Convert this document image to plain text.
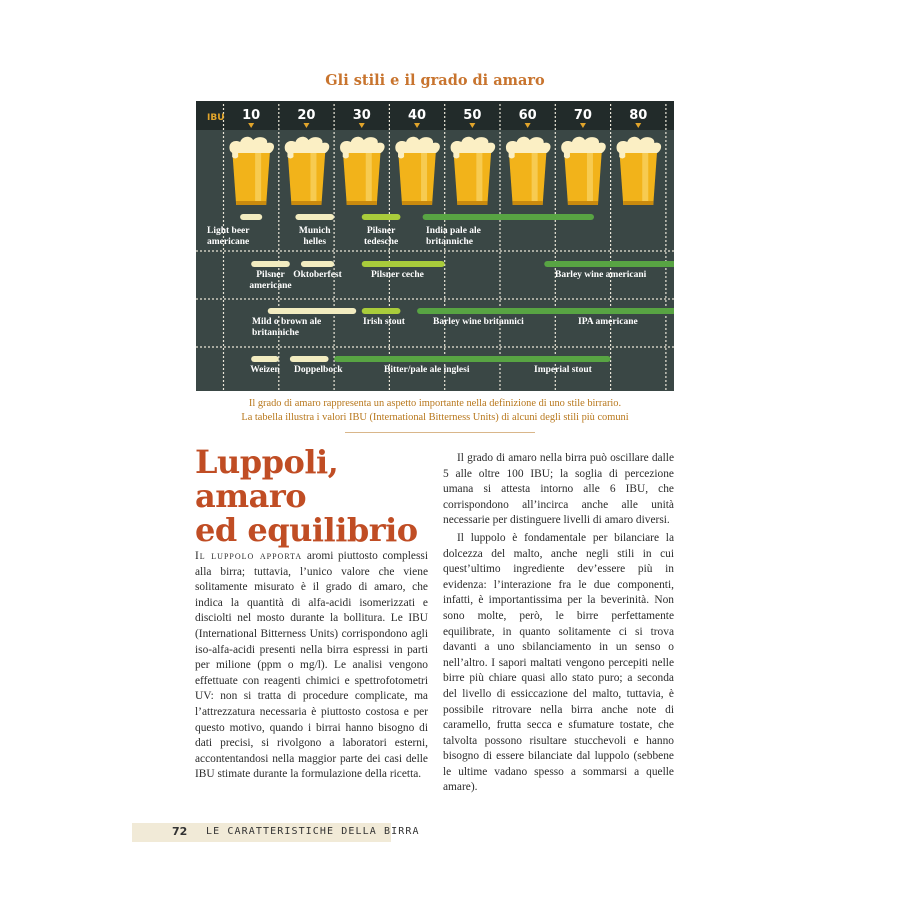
Gli stili e il grado di amaro
IBU 10	20	30	40	50	60	70	80
Light beer americane
Munich helles
Pilsner tedesche
India pale ale britanniche
Pilsner americane
Oktoberfest	Pilsner ceche	Barley wine americani
Mild o brown ale britanniche
Irish stout	Barley wine britannici	IPA americane
Weizen Doppelbock	Bitter/pale ale inglesi	Imperial stout
Il grado di amaro rappresenta un aspetto importante nella definizione di uno stile birrario.
La tabella illustra i valori IBU (International Bitterness Units) di alcuni degli stili più comuni
Luppoli,
amaro
ed equilibrio

Il luppolo apporta aromi piuttosto complessi alla birra; tuttavia, l’unico valore che viene solitamente misurato è il grado di amaro, che indica la quantità di alfa-acidi isomerizzati e disciolti nel mosto durante la bollitura. Le IBU (International Bitterness Units) corrispondono agli iso-alfa-acidi presenti nella birra espressi in parti per milione (ppm o mg/l). Le analisi vengono effettuate con reagenti chimici e spettrofotometri UV: non si tratta di procedure complicate, ma l’attrezzatura necessaria è piuttosto costosa e per questo motivo, quando i birrai hanno bisogno di dati precisi, si rivolgono a laboratori esterni, accontentandosi nella maggior parte dei casi delle IBU stimate durante la formulazione della ricetta.

Il grado di amaro nella birra può oscillare dalle 5 alle oltre 100 IBU; la soglia di percezione umana si attesta intorno alle 6 IBU, che corrispondono all’incirca anche alle unità necessarie per distinguere livelli di amaro diversi.

Il luppolo è fondamentale per bilanciare la dolcezza del malto, anche negli stili in cui quest’ultimo ingrediente dev’essere più in evidenza: l’interazione fra le due componenti, infatti, è importantissima per la beverinità. Non sono molte, però, le birre perfettamente equilibrate, in quanto solitamente ci si trova davanti a uno sbilanciamento in un senso o nell’altro. I sapori maltati vengono percepiti nelle birre più chiare quasi allo stato puro; a seconda del livello di essiccazione del malto, tuttavia, è possibile ritrovare nella birra anche note di caramello, frutta secca e sfumature tostate, che talvolta possono risultare stucchevoli e hanno bisogno di essere bilanciate dal luppolo (sebbene le ultime vadano spesso a sommarsi a quelle amare).

72 LE CARATTERISTICHE DELLA BIRRA
